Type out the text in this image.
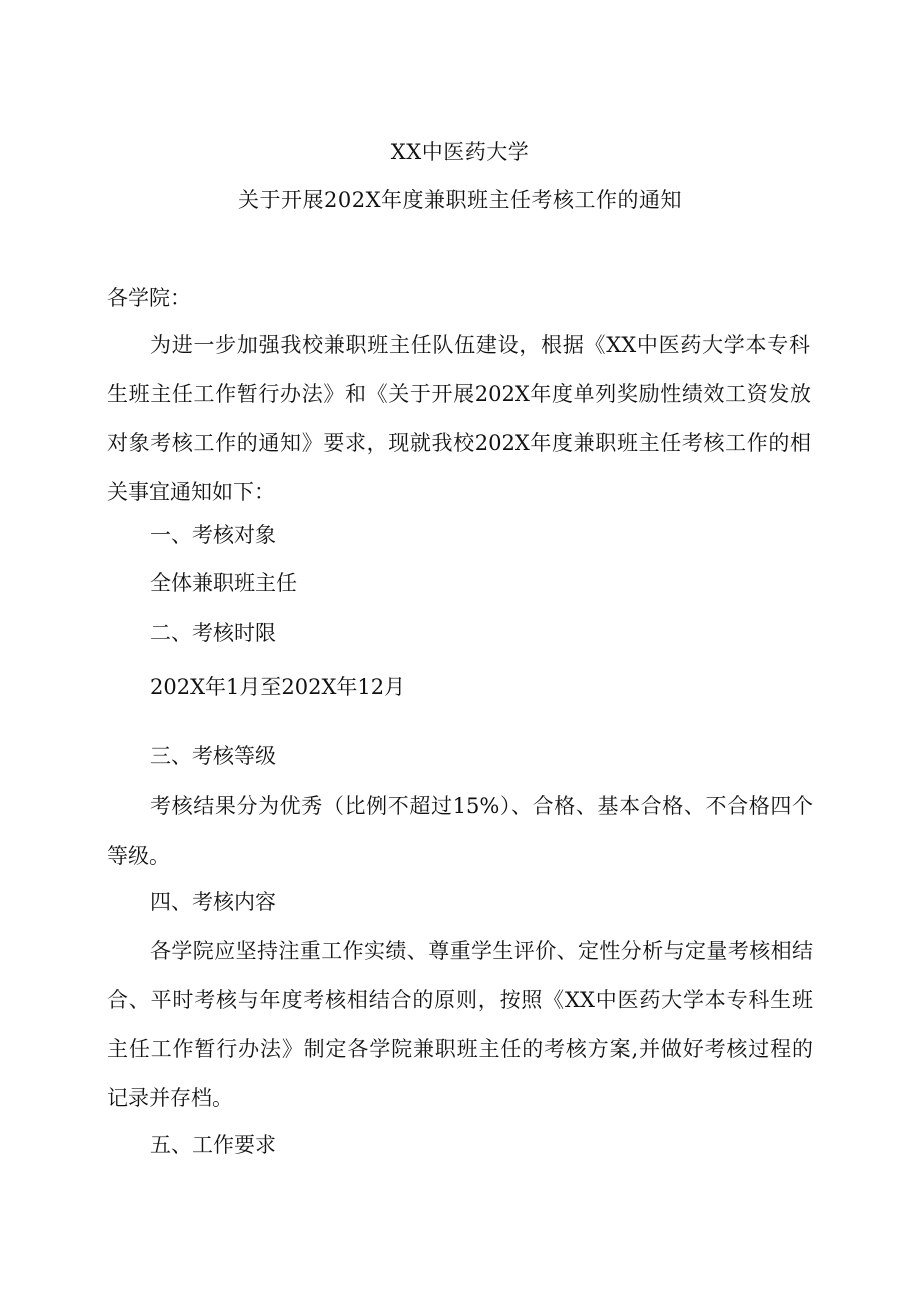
XX中医药大学
关于开展202X年度兼职班主任考核工作的通知
各学院：
为进一步加强我校兼职班主任队伍建设，根据《XX中医药大学本专科
生班主任工作暂行办法》和《关于开展202X年度单列奖励性绩效工资发放
对象考核工作的通知》要求，现就我校202X年度兼职班主任考核工作的相
关事宜通知如下：
一、考核对象
全体兼职班主任
二、考核时限
202X年1月至202X年12月
三、考核等级
考核结果分为优秀（比例不超过15%）、合格、基本合格、不合格四个
等级。
四、考核内容
各学院应坚持注重工作实绩、尊重学生评价、定性分析与定量考核相结
合、平时考核与年度考核相结合的原则，按照《XX中医药大学本专科生班
主任工作暂行办法》制定各学院兼职班主任的考核方案,并做好考核过程的
记录并存档。
五、工作要求
